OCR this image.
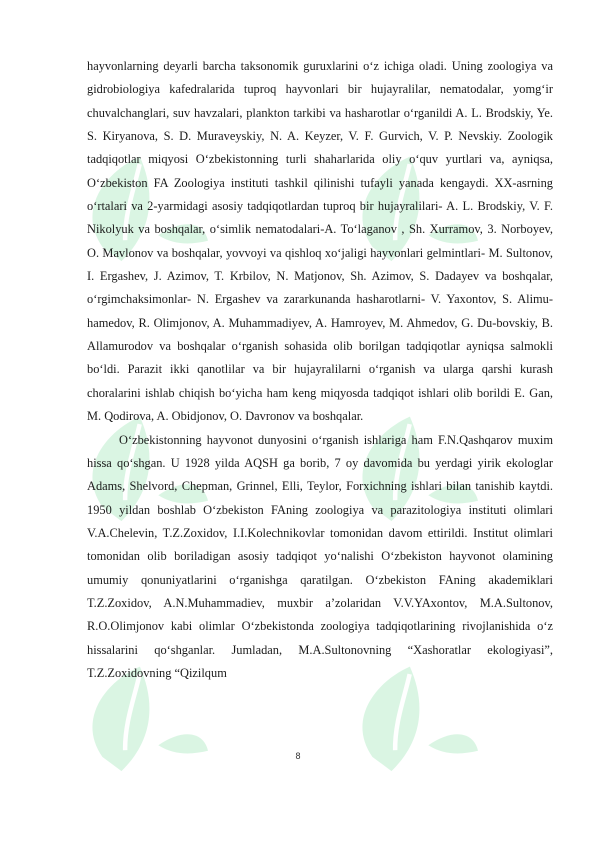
hayvonlarning deyarli barcha taksonomik guruxlarini o‘z ichiga oladi. Uning zoologiya va gidrobiologiya kafedralarida tuproq hayvonlari bir hujayralilar, nematodalar, yomg‘ir chuvalchanglari, suv havzalari, plankton tarkibi va hasharotlar o‘rganildi A. L. Brodskiy, Ye. S. Kiryanova, S. D. Muraveyskiy, N. A. Keyzer, V. F. Gurvich, V. P. Nevskiy. Zoologik tadqiqotlar miqyosi O‘zbekistonning turli shaharlarida oliy o‘quv yurtlari va, ayniqsa, O‘zbekiston FA Zoologiya instituti tashkil qilinishi tufayli yanada kengaydi. XX-asrning o‘rtalari va 2-yarmidagi asosiy tadqiqotlardan tuproq bir hujayralilari- A. L. Brodskiy, V. F. Nikolyuk va boshqalar, o‘simlik nematodalari-A. To‘laganov , Sh. Xurramov, 3. Norboyev, O. Mavlonov va boshqalar, yovvoyi va qishloq xo‘jaligi hayvonlari gelmintlari- M. Sultonov, I. Ergashev, J. Azimov, T. Krbilov, N. Matjonov, Sh. Azimov, S. Dadayev va boshqalar, o‘rgimchaksimonlar- N. Ergashev va zararkunanda hasharotlarni- V. Yaxontov, S. Alimu-hamedov, R. Olimjonov, A. Muhammadiyev, A. Hamroyev, M. Ahmedov, G. Du-bovskiy, B. Allamurodov va boshqalar o‘rganish sohasida olib borilgan tadqiqotlar ayniqsa salmokli bo‘ldi. Parazit ikki qanotlilar va bir hujayralilarni o‘rganish va ularga qarshi kurash choralarini ishlab chiqish bo‘yicha ham keng miqyosda tadqiqot ishlari olib borildi E. Gan, M. Qodirova, A. Obidjonov, O. Davronov va boshqalar.

O‘zbekistonning hayvonot dunyosini o‘rganish ishlariga ham F.N.Qashqarov muxim hissa qo‘shgan. U 1928 yilda AQSH ga borib, 7 oy davomida bu yerdagi yirik ekologlar Adams, Shelvord, Chepman, Grinnel, Elli, Teylor, Forxichning ishlari bilan tanishib kaytdi. 1950 yildan boshlab O‘zbekiston FAning zoologiya va parazitologiya instituti olimlari V.A.Chelevin, T.Z.Zoxidov, I.I.Kolechnikovlar tomonidan davom ettirildi. Institut olimlari tomonidan olib boriladigan asosiy tadqiqot yo‘nalishi O‘zbekiston hayvonot olamining umumiy qonuniyatlarini o‘rganishga qaratilgan. O‘zbekiston FAning akademiklari T.Z.Zoxidov, A.N.Muhammadiev, muxbir a’zolaridan V.V.YAxontov, M.A.Sultonov, R.O.Olimjonov kabi olimlar O‘zbekistonda zoologiya tadqiqotlarining rivojlanishida o‘z hissalarini qo‘shganlar. Jumladan, M.A.Sultonovning “Xashoratlar ekologiyasi”, T.Z.Zoxidovning “Qizilqum

8
